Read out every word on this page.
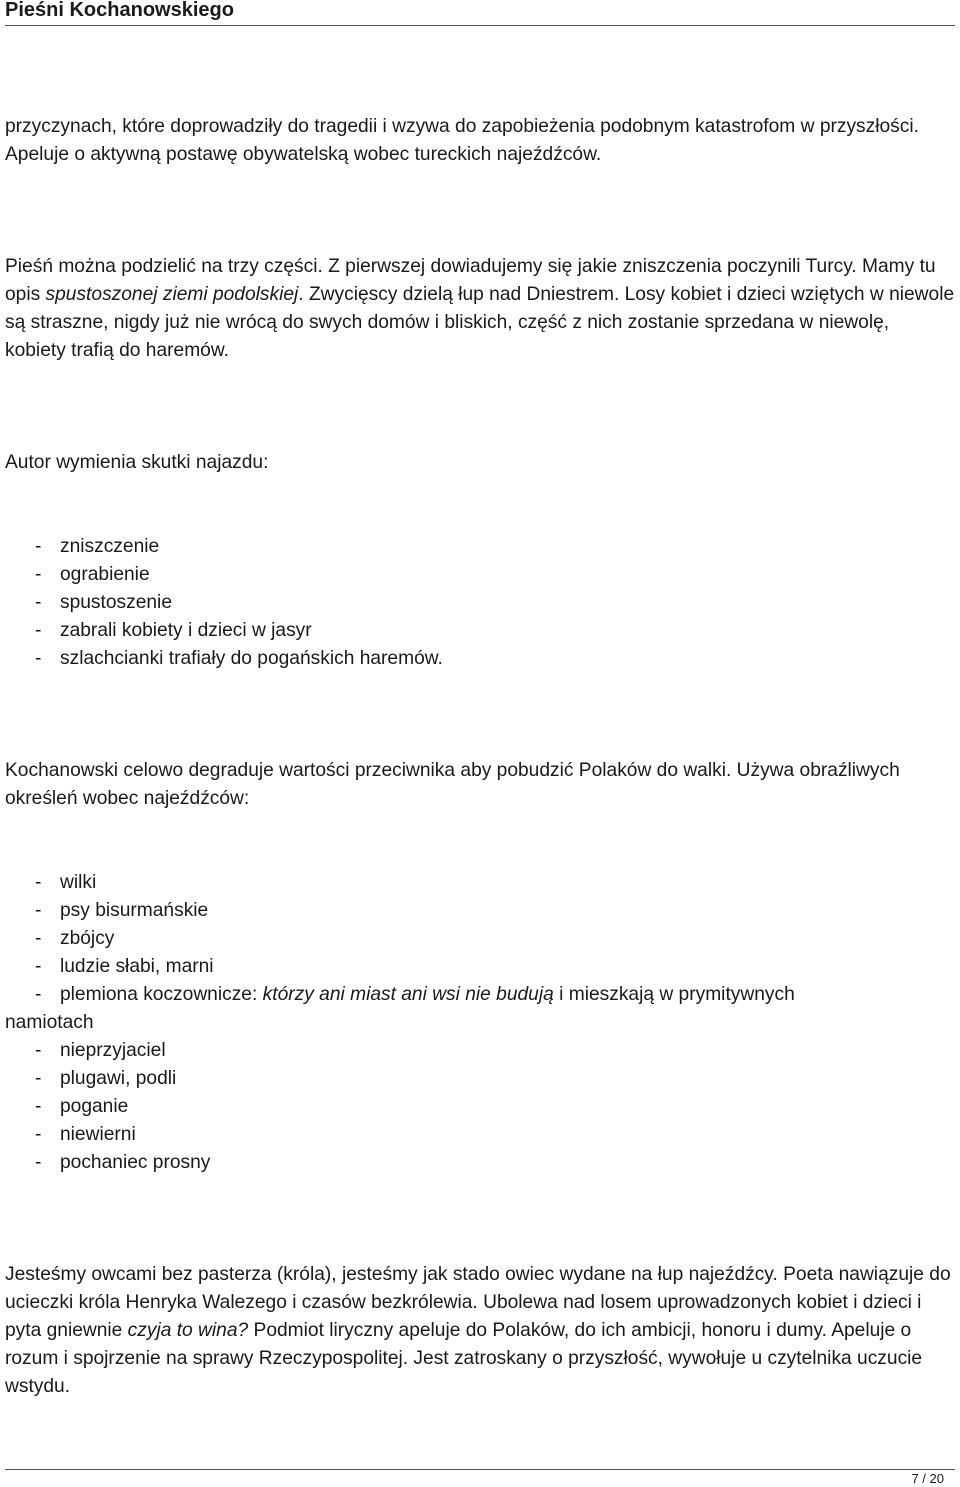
Pieśni Kochanowskiego

przyczynach, które doprowadziły do tragedii i wzywa do zapobieżenia podobnym katastrofom w przyszłości. Apeluje o aktywną postawę obywatelską wobec tureckich najeźdźców.

Pieśń można podzielić na trzy części. Z pierwszej dowiadujemy się jakie zniszczenia poczynili Turcy. Mamy tu opis spustoszonej ziemi podolskiej. Zwycięscy dzielą łup nad Dniestrem. Losy kobiet i dzieci wziętych w niewole są straszne, nigdy już nie wrócą do swych domów i bliskich, część z nich zostanie sprzedana w niewolę, kobiety trafią do haremów.

Autor wymienia skutki najazdu:

- zniszczenie
- ograbienie
- spustoszenie
- zabrali kobiety i dzieci w jasyr
- szlachcianki trafiały do pogańskich haremów.

Kochanowski celowo degraduje wartości przeciwnika aby pobudzić Polaków do walki. Używa obraźliwych określeń wobec najeźdźców:

- wilki
- psy bisurmańskie
- zbójcy
- ludzie słabi, marni
- plemiona koczownicze: którzy ani miast ani wsi nie budują i mieszkają w prymitywnych
namiotach
- nieprzyjaciel
- plugawi, podli
- poganie
- niewierni
- pochaniec prosny

Jesteśmy owcami bez pasterza (króla), jesteśmy jak stado owiec wydane na łup najeźdźcy. Poeta nawiązuje do ucieczki króla Henryka Walezego i czasów bezkrólewia. Ubolewa nad losem uprowadzonych kobiet i dzieci i pyta gniewnie czyja to wina? Podmiot liryczny apeluje do Polaków, do ich ambicji, honoru i dumy. Apeluje o rozum i spojrzenie na sprawy Rzeczypospolitej. Jest zatroskany o przyszłość, wywołuje u czytelnika uczucie wstydu.

7 / 20
